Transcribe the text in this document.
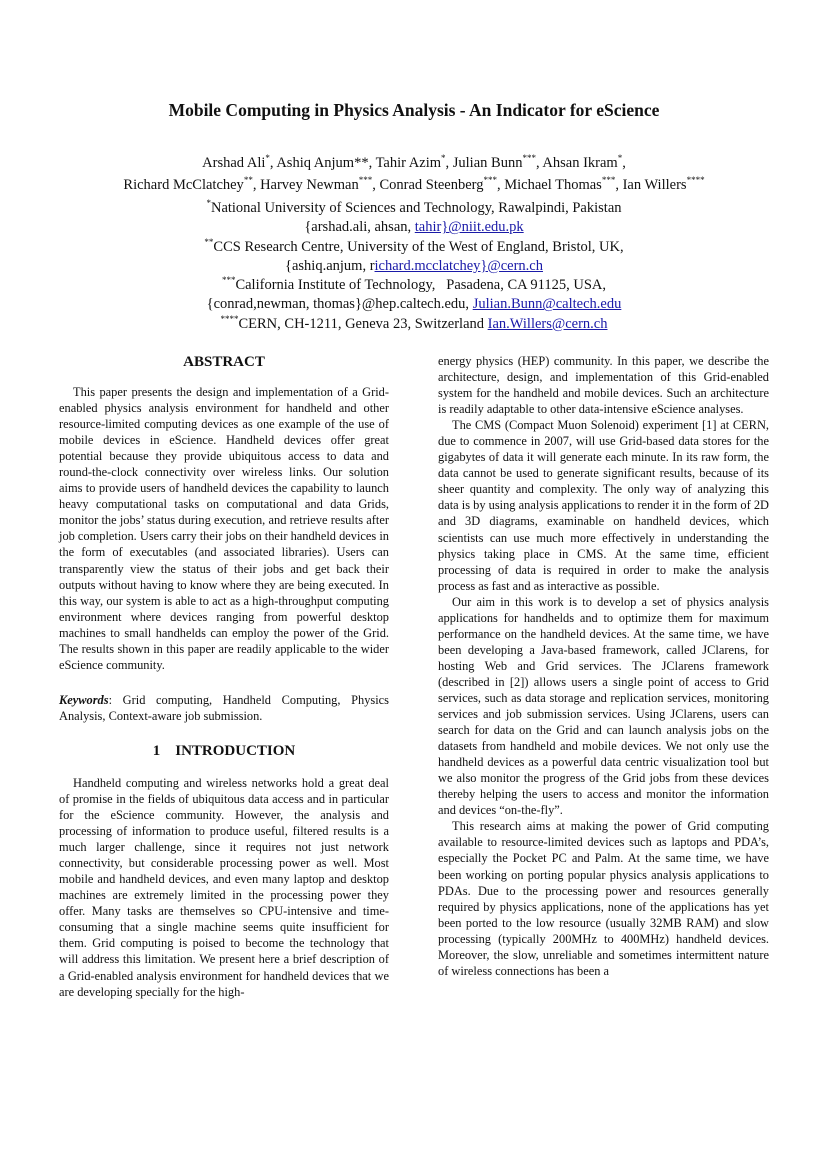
Mobile Computing in Physics Analysis - An Indicator for eScience
Arshad Ali*, Ashiq Anjum**, Tahir Azim*, Julian Bunn***, Ahsan Ikram*,
Richard McClatchey**, Harvey Newman***, Conrad Steenberg***, Michael Thomas***, Ian Willers****
*National University of Sciences and Technology, Rawalpindi, Pakistan
{arshad.ali, ahsan, tahir}@niit.edu.pk
**CCS Research Centre, University of the West of England, Bristol, UK,
{ashiq.anjum, richard.mcclatchey}@cern.ch
***California Institute of Technology,   Pasadena, CA 91125, USA,
{conrad,newman, thomas}@hep.caltech.edu, Julian.Bunn@caltech.edu
****CERN, CH-1211, Geneva 23, Switzerland Ian.Willers@cern.ch
ABSTRACT

This paper presents the design and implementation of a Grid-enabled physics analysis environment for handheld and other resource-limited computing devices as one example of the use of mobile devices in eScience. Handheld devices offer great potential because they provide ubiquitous access to data and round-the-clock connectivity over wireless links. Our solution aims to provide users of handheld devices the capability to launch heavy computational tasks on computational and data Grids, monitor the jobs’ status during execution, and retrieve results after job completion. Users carry their jobs on their handheld devices in the form of executables (and associated libraries). Users can transparently view the status of their jobs and get back their outputs without having to know where they are being executed. In this way, our system is able to act as a high-throughput computing environment where devices ranging from powerful desktop machines to small handhelds can employ the power of the Grid. The results shown in this paper are readily applicable to the wider eScience community.

Keywords: Grid computing, Handheld Computing, Physics Analysis, Context-aware job submission.

1    INTRODUCTION

Handheld computing and wireless networks hold a great deal of promise in the fields of ubiquitous data access and in particular for the eScience community. However, the analysis and processing of information to produce useful, filtered results is a much larger challenge, since it requires not just network connectivity, but considerable processing power as well. Most mobile and handheld devices, and even many laptop and desktop machines are extremely limited in the processing power they offer. Many tasks are themselves so CPU-intensive and time-consuming that a single machine seems quite insufficient for them. Grid computing is poised to become the technology that will address this limitation. We present here a brief description of a Grid-enabled analysis environment for handheld devices that we are developing specially for the high-

energy physics (HEP) community. In this paper, we describe the architecture, design, and implementation of this Grid-enabled system for the handheld and mobile devices. Such an architecture is readily adaptable to other data-intensive eScience analyses.

The CMS (Compact Muon Solenoid) experiment [1] at CERN, due to commence in 2007, will use Grid-based data stores for the gigabytes of data it will generate each minute. In its raw form, the data cannot be used to generate significant results, because of its sheer quantity and complexity. The only way of analyzing this data is by using analysis applications to render it in the form of 2D and 3D diagrams, examinable on handheld devices, which scientists can use much more effectively in understanding the physics taking place in CMS. At the same time, efficient processing of data is required in order to make the analysis process as fast and as interactive as possible.

Our aim in this work is to develop a set of physics analysis applications for handhelds and to optimize them for maximum performance on the handheld devices. At the same time, we have been developing a Java-based framework, called JClarens, for hosting Web and Grid services. The JClarens framework (described in [2]) allows users a single point of access to Grid services, such as data storage and replication services, monitoring services and job submission services. Using JClarens, users can search for data on the Grid and can launch analysis jobs on the datasets from handheld and mobile devices. We not only use the handheld devices as a powerful data centric visualization tool but we also monitor the progress of the Grid jobs from these devices thereby helping the users to access and monitor the information and devices “on-the-fly”.

This research aims at making the power of Grid computing available to resource-limited devices such as laptops and PDA’s, especially the Pocket PC and Palm. At the same time, we have been working on porting popular physics analysis applications to PDAs. Due to the processing power and resources generally required by physics applications, none of the applications has yet been ported to the low resource (usually 32MB RAM) and slow processing (typically 200MHz to 400MHz) handheld devices. Moreover, the slow, unreliable and sometimes intermittent nature of wireless connections has been a
